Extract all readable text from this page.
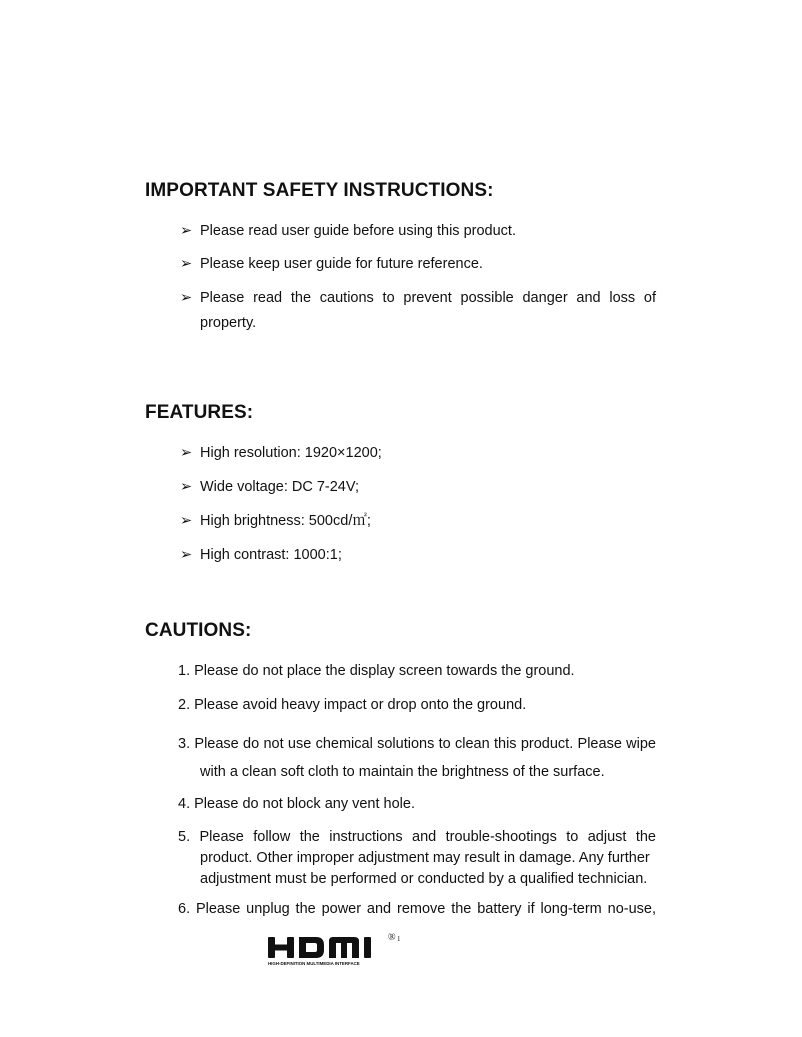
IMPORTANT SAFETY INSTRUCTIONS:
➢ Please read user guide before using this product.
➢ Please keep user guide for future reference.
➢ Please read the cautions to prevent possible danger and loss of
property.
FEATURES:
➢ High resolution: 1920×1200;
➢ Wide voltage: DC 7-24V;
➢ High brightness: 500cd/㎡;
➢ High contrast: 1000:1;
CAUTIONS:
1. Please do not place the display screen towards the ground.
2. Please avoid heavy impact or drop onto the ground.
3. Please do not use chemical solutions to clean this product. Please wipe
with a clean soft cloth to maintain the brightness of the surface.
4. Please do not block any vent hole.
5. Please follow the instructions and trouble-shootings to adjust the
product. Other improper adjustment may result in damage. Any further
adjustment must be performed or conducted by a qualified technician.
6. Please unplug the power and remove the battery if long-term no-use,
HIGH-DEFINITION MULTIMEDIA INTERFACE
® 1
